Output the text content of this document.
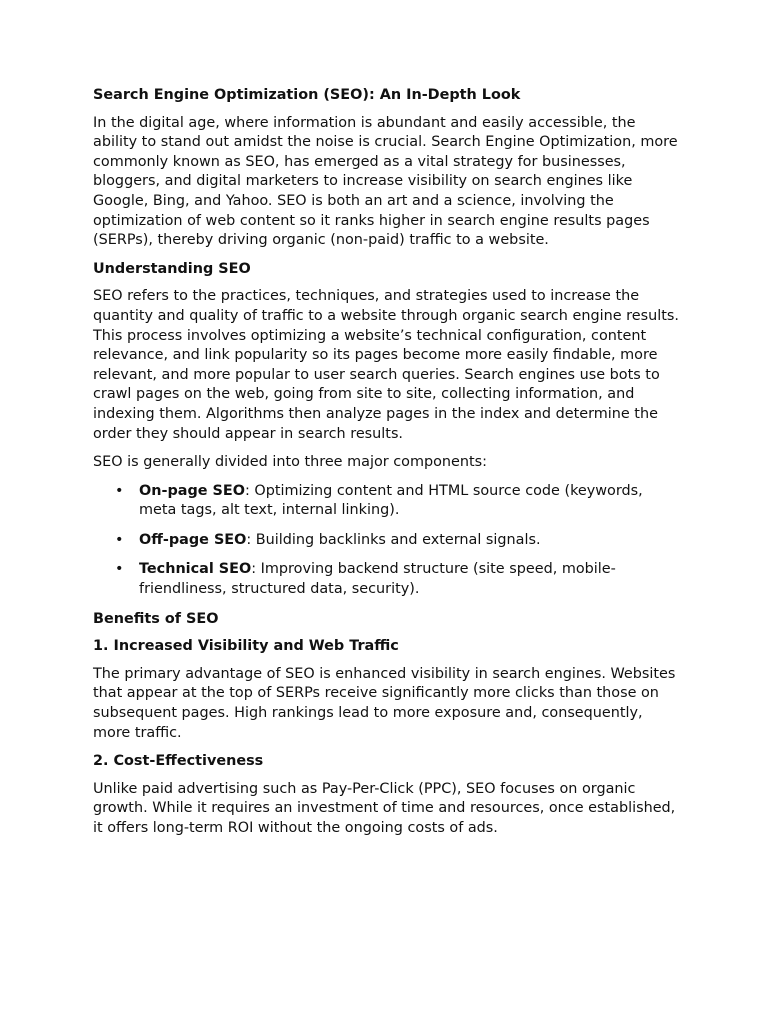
Search Engine Optimization (SEO): An In-Depth Look

In the digital age, where information is abundant and easily accessible, the ability to stand out amidst the noise is crucial. Search Engine Optimization, more commonly known as SEO, has emerged as a vital strategy for businesses, bloggers, and digital marketers to increase visibility on search engines like Google, Bing, and Yahoo. SEO is both an art and a science, involving the optimization of web content so it ranks higher in search engine results pages (SERPs), thereby driving organic (non-paid) traffic to a website.

Understanding SEO

SEO refers to the practices, techniques, and strategies used to increase the quantity and quality of traffic to a website through organic search engine results. This process involves optimizing a website’s technical configuration, content relevance, and link popularity so its pages become more easily findable, more relevant, and more popular to user search queries. Search engines use bots to crawl pages on the web, going from site to site, collecting information, and indexing them. Algorithms then analyze pages in the index and determine the order they should appear in search results.

SEO is generally divided into three major components:

• On-page SEO: Optimizing content and HTML source code (keywords, meta tags, alt text, internal linking).
• Off-page SEO: Building backlinks and external signals.
• Technical SEO: Improving backend structure (site speed, mobile-friendliness, structured data, security).
Benefits of SEO
1. Increased Visibility and Web Traffic

The primary advantage of SEO is enhanced visibility in search engines. Websites that appear at the top of SERPs receive significantly more clicks than those on subsequent pages. High rankings lead to more exposure and, consequently, more traffic.

2. Cost-Effectiveness

Unlike paid advertising such as Pay-Per-Click (PPC), SEO focuses on organic growth. While it requires an investment of time and resources, once established, it offers long-term ROI without the ongoing costs of ads.
